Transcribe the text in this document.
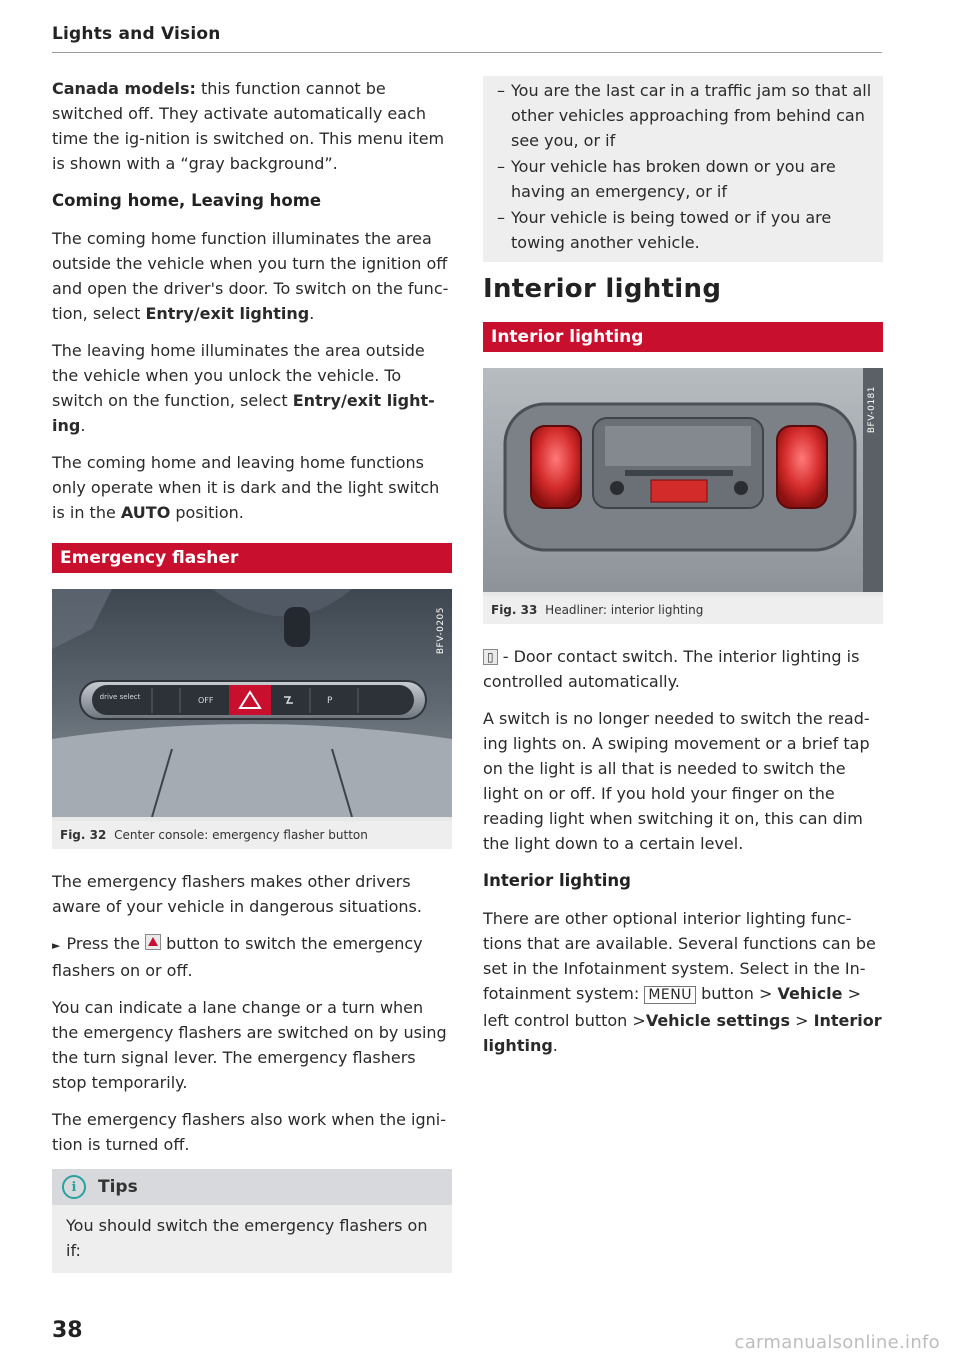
Lights and Vision

Canada models: this function cannot be switched off. They activate automatically each time the ig-nition is switched on. This menu item is shown with a “gray background”.

Coming home, Leaving home

The coming home function illuminates the area outside the vehicle when you turn the ignition off and open the driver's door. To switch on the func-tion, select Entry/exit lighting.

The leaving home illuminates the area outside the vehicle when you unlock the vehicle. To switch on the function, select Entry/exit light-ing.

The coming home and leaving home functions only operate when it is dark and the light switch is in the AUTO position.

Emergency flasher
drive select	OFF	P
BFV-0205
Fig. 32 Center console: emergency flasher button

The emergency flashers makes other drivers aware of your vehicle in dangerous situations.

► Press the button to switch the emergency flashers on or off.

You can indicate a lane change or a turn when the emergency flashers are switched on by using the turn signal lever. The emergency flashers stop temporarily.

The emergency flashers also work when the igni-tion is turned off.

i	Tips

You should switch the emergency flashers on if:

– You are the last car in a traffic jam so that all other vehicles approaching from behind can see you, or if
– Your vehicle has broken down or you are having an emergency, or if
– Your vehicle is being towed or if you are towing another vehicle.
Interior lighting
Interior lighting
BFV-0181
Fig. 33 Headliner: interior lighting

▯ - Door contact switch. The interior lighting is controlled automatically.

A switch is no longer needed to switch the read-ing lights on. A swiping movement or a brief tap on the light is all that is needed to switch the light on or off. If you hold your finger on the reading light when switching it on, this can dim the light down to a certain level.

Interior lighting

There are other optional interior lighting func-tions that are available. Several functions can be set in the Infotainment system. Select in the In-fotainment system: MENU button > Vehicle > left control button >Vehicle settings > Interior lighting.

38	carmanualsonline.info
